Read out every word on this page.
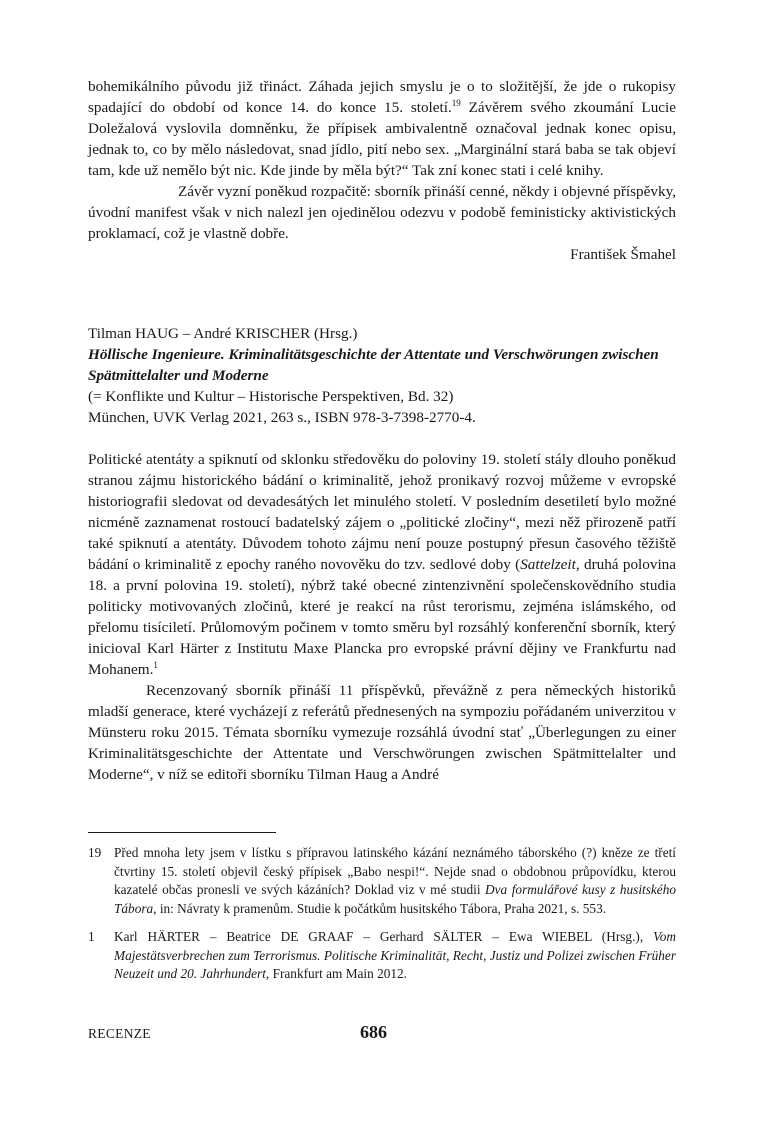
bohemikálního původu již třináct. Záhada jejich smyslu je o to složitější, že jde o rukopisy spadající do období od konce 14. do konce 15. století.$^{19}$ Závěrem svého zkoumání Lucie Doležalová vyslovila domněnku, že přípisek ambivalentně označoval jednak konec opisu, jednak to, co by mělo následovat, snad jídlo, pití nebo sex. „Marginální stará baba se tak objeví tam, kde už nemělo být nic. Kde jinde by měla být?“ Tak zní konec stati i celé knihy.

Závěr vyzní poněkud rozpačitě: sborník přináší cenné, někdy i objevné příspěvky, úvodní manifest však v nich nalezl jen ojedinělou odezvu v podobě feministicky aktivistických proklamací, což je vlastně dobře.

František Šmahel

Tilman HAUG – André KRISCHER (Hrsg.)
Höllische Ingenieure. Kriminalitätsgeschichte der Attentate und Verschwörungen zwischen Spätmittelalter und Moderne
(= Konflikte und Kultur – Historische Perspektiven, Bd. 32)
München, UVK Verlag 2021, 263 s., ISBN 978-3-7398-2770-4.

Politické atentáty a spiknutí od sklonku středověku do poloviny 19. století stály dlouho poněkud stranou zájmu historického bádání o kriminalitě, jehož pronikavý rozvoj můžeme v evropské historiografii sledovat od devadesátých let minulého století. V posledním desetiletí bylo možné nicméně zaznamenat rostoucí badatelský zájem o „politické zločiny“, mezi něž přirozeně patří také spiknutí a atentáty. Důvodem tohoto zájmu není pouze postupný přesun časového těžiště bádání o kriminalitě z epochy raného novověku do tzv. sedlové doby (Sattelzeit, druhá polovina 18. a první polovina 19. století), nýbrž také obecné zintenzivnění společenskovědního studia politicky motivovaných zločinů, které je reakcí na růst terorismu, zejména islámského, od přelomu tisíciletí. Průlomovým počinem v tomto směru byl rozsáhlý konferenční sborník, který inicioval Karl Härter z Institutu Maxe Plancka pro evropské právní dějiny ve Frankfurtu nad Mohanem.$^1$

Recenzovaný sborník přináší 11 příspěvků, převážně z pera německých historiků mladší generace, které vycházejí z referátů přednesených na sympoziu pořádaném univerzitou v Münsteru roku 2015. Témata sborníku vymezuje rozsáhlá úvodní stať „Überlegungen zu einer Kriminalitätsgeschichte der Attentate und Verschwörungen zwischen Spätmittelalter und Moderne“, v níž se editoři sborníku Tilman Haug a André

19 Před mnoha lety jsem v lístku s přípravou latinského kázání neznámého táborského (?) kněze ze třetí čtvrtiny 15. století objevil český přípisek „Babo nespi!“. Nejde snad o obdobnou průpovídku, kterou kazatelé občas pronesli ve svých kázáních? Doklad viz v mé studii Dva formulářové kusy z husitského Tábora, in: Návraty k pramenům. Studie k počátkům husitského Tábora, Praha 2021, s. 553.
1	Karl HÄRTER – Beatrice DE GRAAF – Gerhard SÄLTER – Ewa WIEBEL (Hrsg.), Vom Majestätsverbrechen zum Terrorismus. Politische Kriminalität, Recht, Justiz und Polizei zwischen Früher Neuzeit und 20. Jahrhundert, Frankfurt am Main 2012.
RECENZE	686
